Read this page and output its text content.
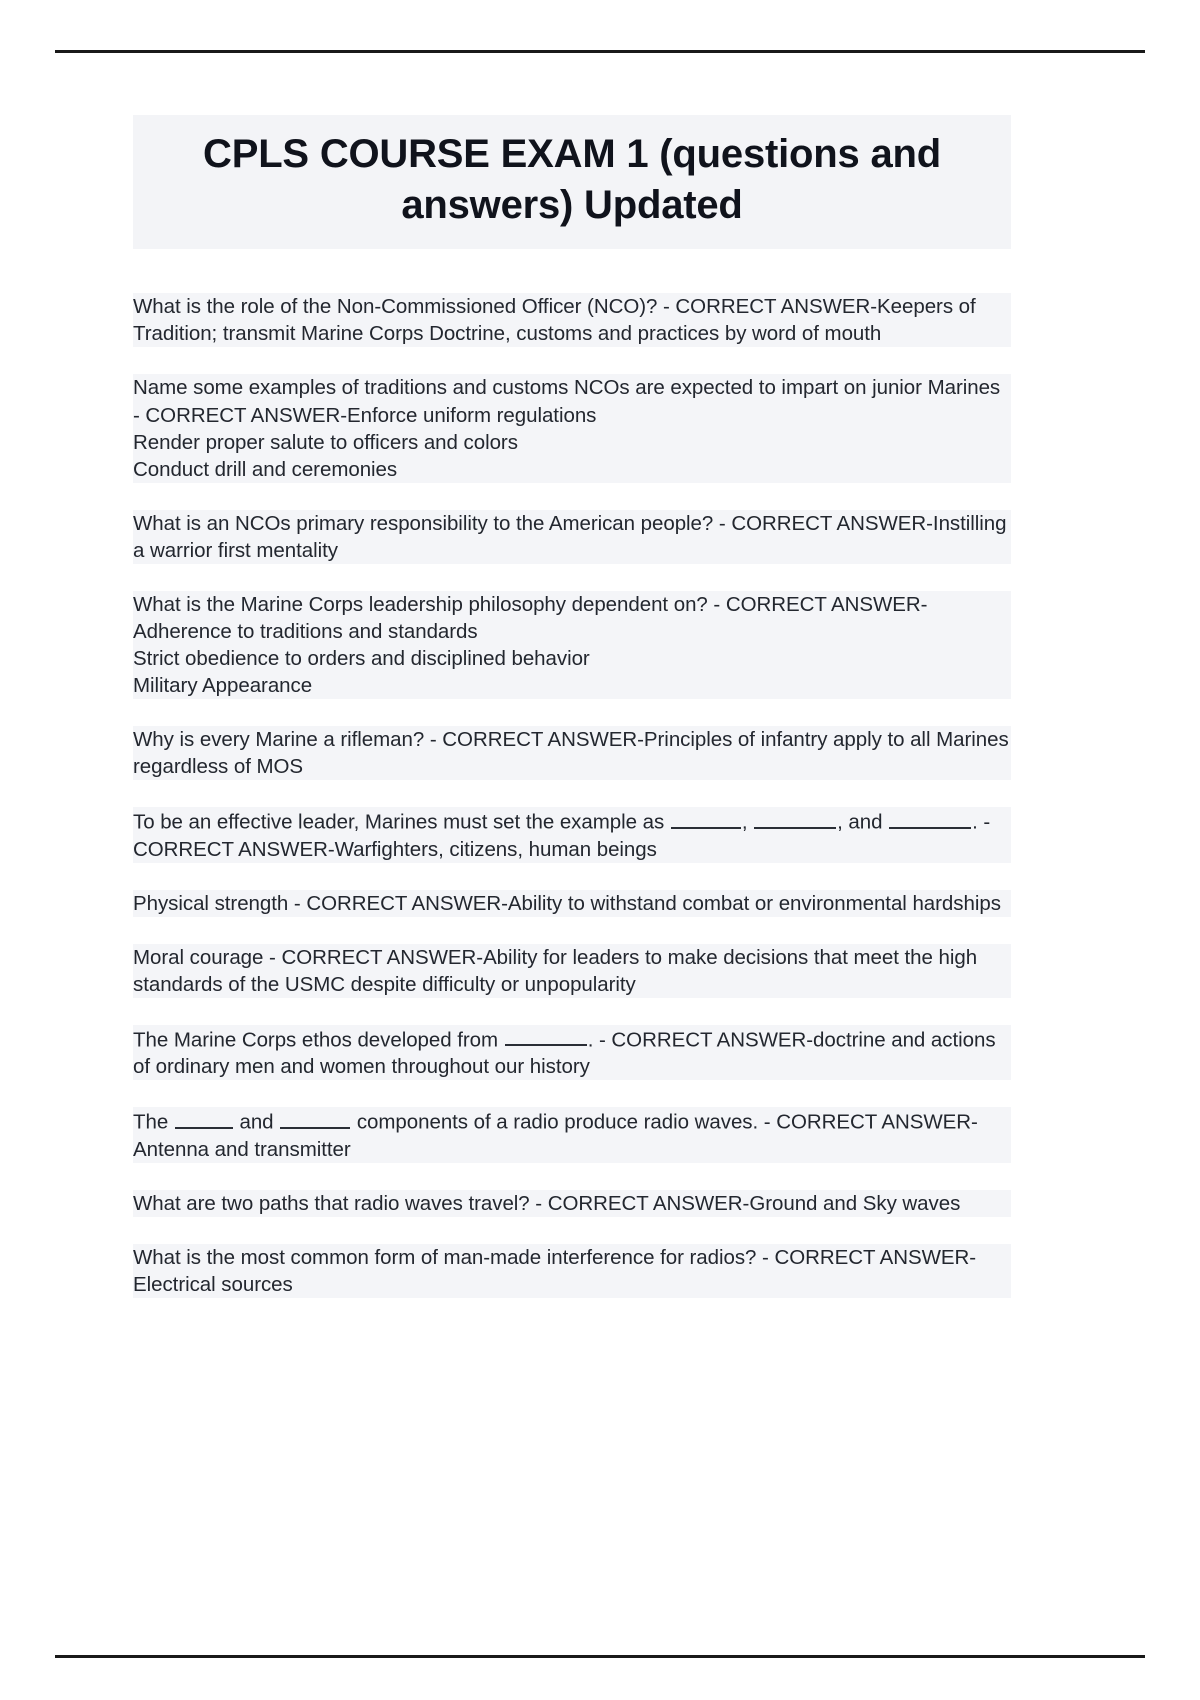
CPLS COURSE EXAM 1 (questions and answers) Updated

What is the role of the Non-Commissioned Officer (NCO)? - CORRECT ANSWER-Keepers of Tradition; transmit Marine Corps Doctrine, customs and practices by word of mouth

Name some examples of traditions and customs NCOs are expected to impart on junior Marines - CORRECT ANSWER-Enforce uniform regulations
Render proper salute to officers and colors
Conduct drill and ceremonies

What is an NCOs primary responsibility to the American people? - CORRECT ANSWER-Instilling a warrior first mentality

What is the Marine Corps leadership philosophy dependent on? - CORRECT ANSWER-Adherence to traditions and standards
Strict obedience to orders and disciplined behavior
Military Appearance

Why is every Marine a rifleman? - CORRECT ANSWER-Principles of infantry apply to all Marines regardless of MOS

To be an effective leader, Marines must set the example as	,	, and	. - CORRECT ANSWER-Warfighters, citizens, human beings

Physical strength - CORRECT ANSWER-Ability to withstand combat or environmental hardships

Moral courage - CORRECT ANSWER-Ability for leaders to make decisions that meet the high standards of the USMC despite difficulty or unpopularity

The Marine Corps ethos developed from	. - CORRECT ANSWER-doctrine and actions of ordinary men and women throughout our history

The	and	components of a radio produce radio waves. - CORRECT ANSWER-Antenna and transmitter

What are two paths that radio waves travel? - CORRECT ANSWER-Ground and Sky waves

What is the most common form of man-made interference for radios? - CORRECT ANSWER-Electrical sources
